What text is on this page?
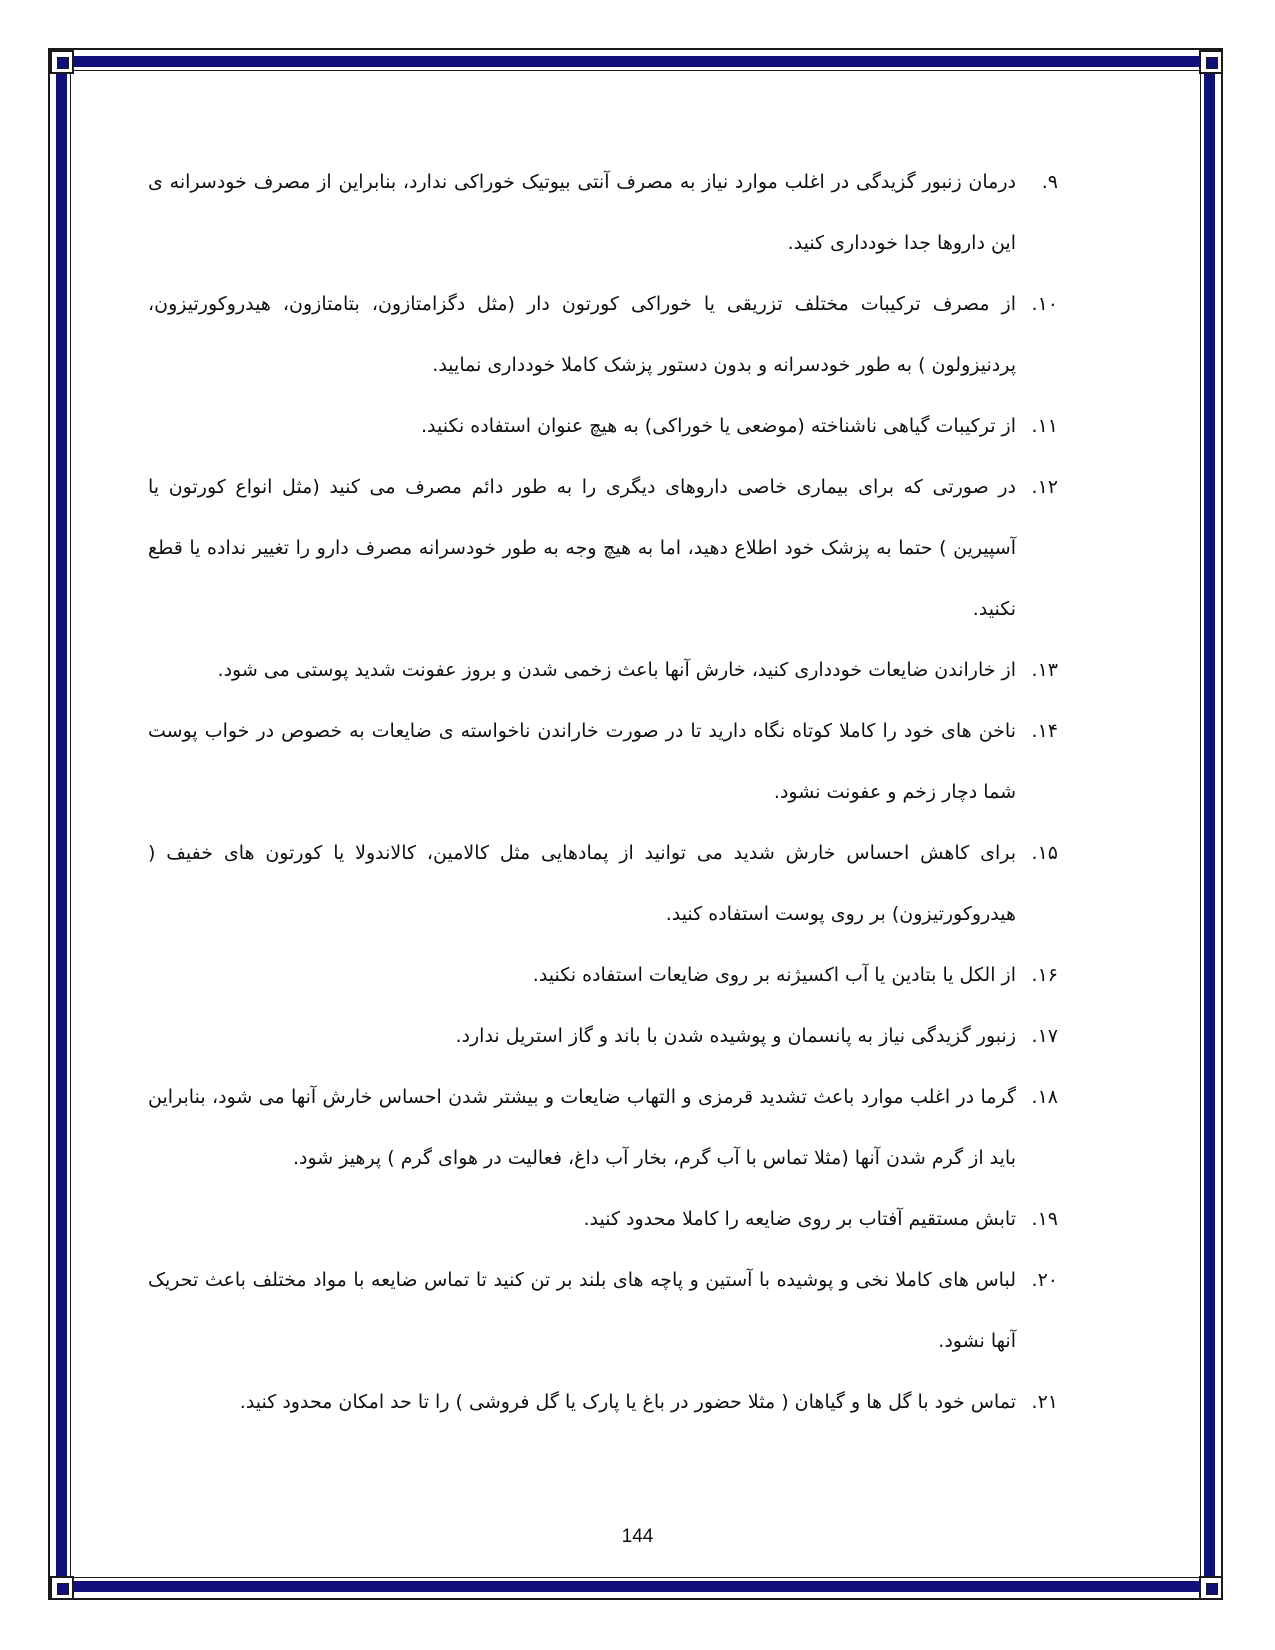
۹.
درمان زنبور گزیدگی در اغلب موارد نیاز به مصرف آنتی بیوتیک خوراکی ندارد، بنابراین از مصرف خودسرانه ی این داروها جدا خودداری کنید.

۱۰.
از مصرف ترکیبات مختلف تزریقی یا خوراکی کورتون دار (مثل دگزامتازون، بتامتازون، هیدروکورتیزون، پردنیزولون ) به طور خودسرانه و بدون دستور پزشک کاملا خودداری نمایید.

۱۱.
از ترکیبات گیاهی ناشناخته (موضعی یا خوراکی) به هیچ عنوان استفاده نکنید.

۱۲.
در صورتی که برای بیماری خاصی داروهای دیگری را به طور دائم مصرف می کنید (مثل انواع کورتون یا آسپیرین ) حتما به پزشک خود اطلاع دهید، اما به هیچ وجه به طور خودسرانه مصرف دارو را تغییر نداده یا قطع نکنید.

۱۳.
از خاراندن ضایعات خودداری کنید، خارش آنها باعث زخمی شدن و بروز عفونت شدید پوستی می شود.

۱۴.
ناخن های خود را کاملا کوتاه نگاه دارید تا در صورت خاراندن ناخواسته ی ضایعات به خصوص در خواب پوست شما دچار زخم و عفونت نشود.

۱۵.
برای کاهش احساس خارش شدید می توانید از پمادهایی مثل کالامین، کالاندولا یا کورتون های خفیف ( هیدروکورتیزون) بر روی پوست استفاده کنید.

۱۶.
از الکل یا بتادین یا آب اکسیژنه بر روی ضایعات استفاده نکنید.

۱۷.
زنبور گزیدگی نیاز به پانسمان و پوشیده شدن با باند و گاز استریل ندارد.

۱۸.
گرما در اغلب موارد باعث تشدید قرمزی و التهاب ضایعات و بیشتر شدن احساس خارش آنها می شود، بنابراین باید از گرم شدن آنها (مثلا تماس با آب گرم، بخار آب داغ، فعالیت در هوای گرم ) پرهیز شود.

۱۹.
تابش مستقیم آفتاب بر روی ضایعه را کاملا محدود کنید.

۲۰.
لباس های کاملا نخی و پوشیده با آستین و پاچه های بلند بر تن کنید تا تماس ضایعه با مواد مختلف باعث تحریک آنها نشود.

۲۱.
تماس خود با گل ها و گیاهان ( مثلا حضور در باغ یا پارک یا گل فروشی ) را تا حد امکان محدود کنید.

144
